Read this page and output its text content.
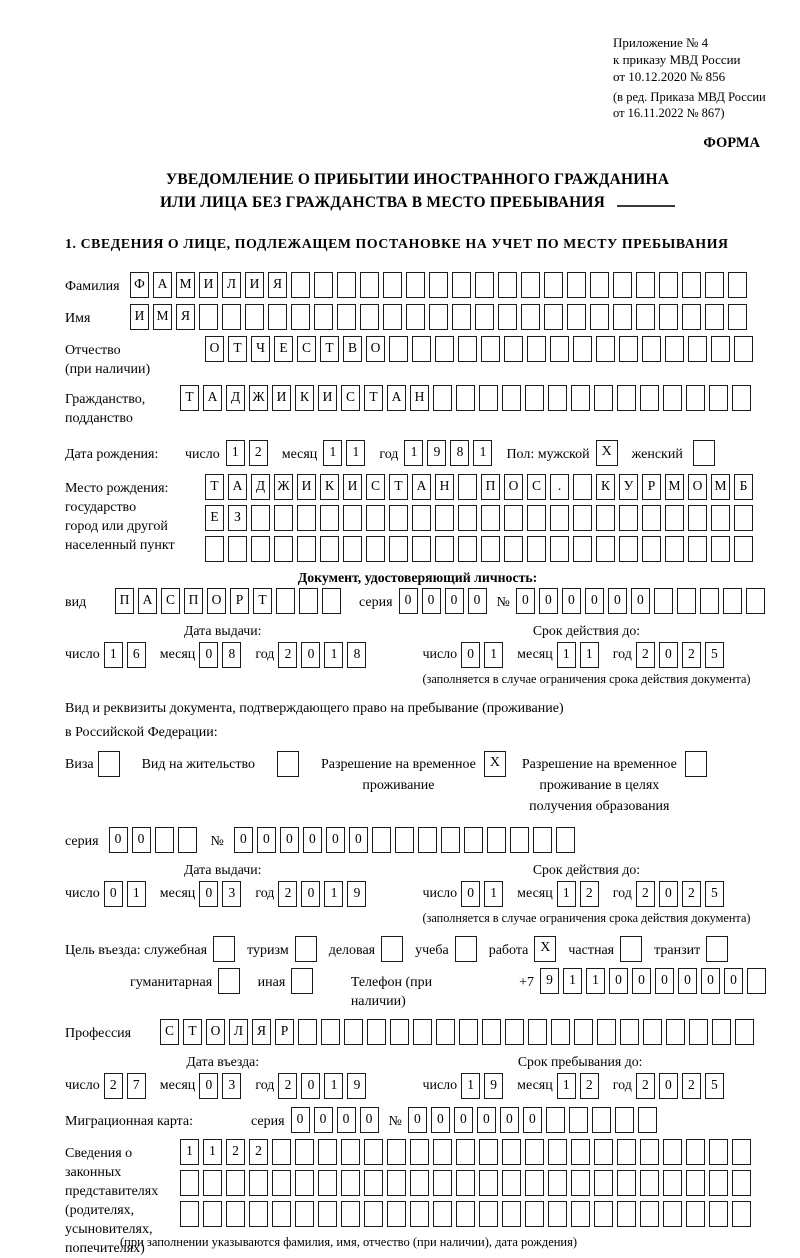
Приложение № 4
к приказу МВД России
от 10.12.2020 № 856
(в ред. Приказа МВД России
от 16.11.2022 № 867)
ФОРМА
УВЕДОМЛЕНИЕ О ПРИБЫТИИ ИНОСТРАННОГО ГРАЖДАНИНА
ИЛИ ЛИЦА БЕЗ ГРАЖДАНСТВА В МЕСТО ПРЕБЫВАНИЯ
1. СВЕДЕНИЯ О ЛИЦЕ, ПОДЛЕЖАЩЕМ ПОСТАНОВКЕ НА УЧЕТ ПО МЕСТУ ПРЕБЫВАНИЯ
Фамилия	Ф А М И Л И Я
Имя	И М Я
Отчество
(при наличии)
О Т Ч Е С Т В О
Гражданство,
подданство
Т А Д Ж И К И С Т А Н
Дата рождения:	число 1 2	месяц 1 1	год 1 9 8 1	Пол: мужской X	женский
Место рождения:
государство
город или другой
населенный пункт
Т А Д Ж И К И С Т А Н	П О С .	К У Р М О М Б
Е З
Документ, удостоверяющий личность:
вид	П А С П О Р Т	серия 0 0 0 0	№ 0 0 0 0 0 0
Дата выдачи:
число 1 6	месяц 0 8	год 2 0 1 8
Срок действия до:
число 0 1	месяц 1 1	год 2 0 2 5
(заполняется в случае ограничения срока действия документа)
Вид и реквизиты документа, подтверждающего право на пребывание (проживание)
в Российской Федерации:
Виза	Вид на жительство	Разрешение на временное
проживание
X	Разрешение на временное
проживание в целях
получения образования
серия	0 0	№	0 0 0 0 0 0
Дата выдачи:
число 0 1	месяц 0 3	год 2 0 1 9
Срок действия до:
число 0 1	месяц 1 2	год 2 0 2 5
(заполняется в случае ограничения срока действия документа)
Цель въезда: служебная	туризм	деловая	учеба	работа X	частная	транзит
гуманитарная	иная	Телефон (при наличии)
+7 9 1 1 0 0 0 0 0 0
Профессия	С Т О Л Я Р
Дата въезда:
число 2 7	месяц 0 3	год 2 0 1 9
Срок пребывания до:
число 1 9	месяц 1 2	год 2 0 2 5
Миграционная карта:	серия 0 0 0 0	№ 0 0 0 0 0 0
Сведения о
законных
представителях
(родителях,
усыновителях,
попечителях)
1 1 2 2
(при заполнении указываются фамилия, имя, отчество (при наличии), дата рождения)
